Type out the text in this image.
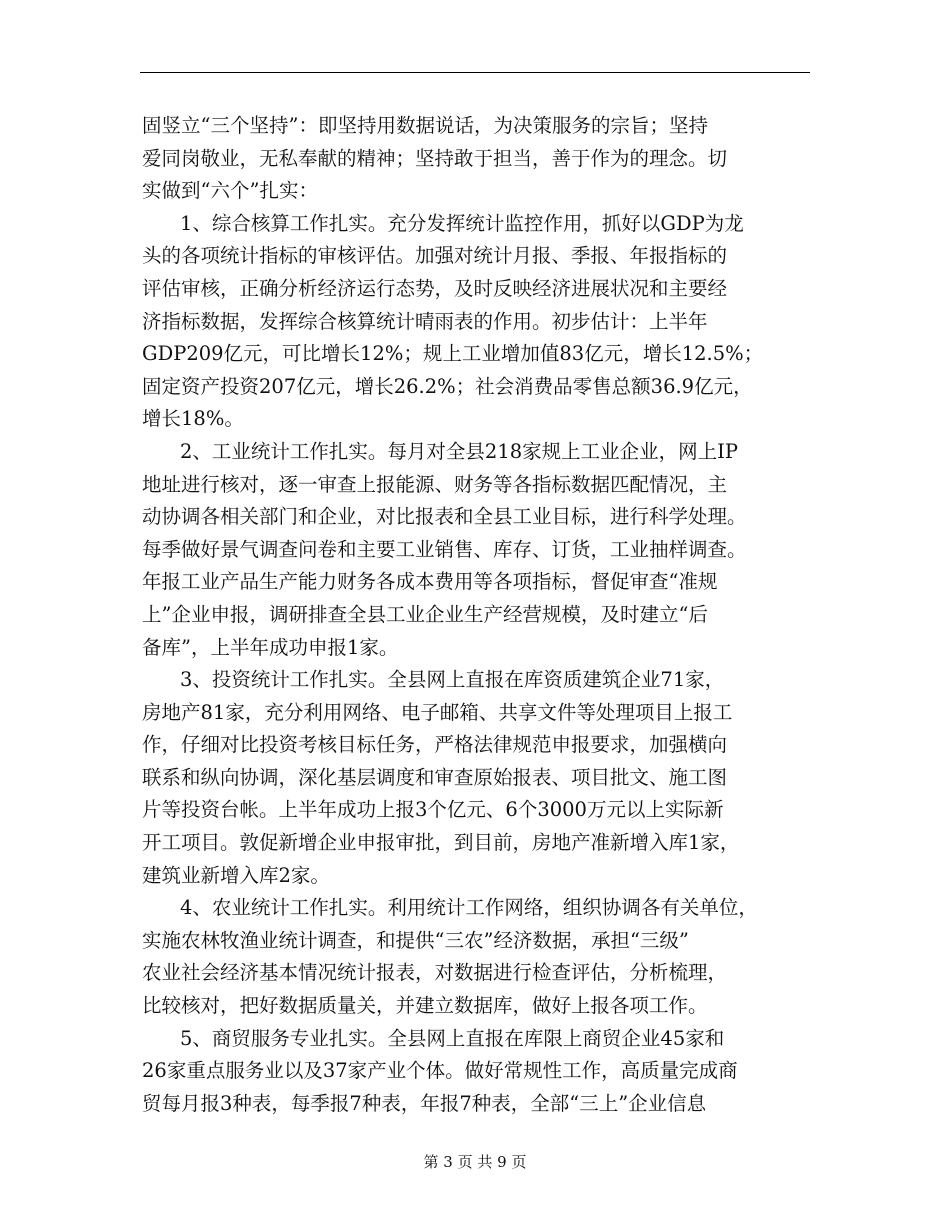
固竖立“三个坚持”：即坚持用数据说话，为决策服务的宗旨；坚持
爱同岗敬业，无私奉献的精神；坚持敢于担当，善于作为的理念。切
实做到“六个”扎实：
1、综合核算工作扎实。充分发挥统计监控作用，抓好以GDP为龙
头的各项统计指标的审核评估。加强对统计月报、季报、年报指标的
评估审核，正确分析经济运行态势，及时反映经济进展状况和主要经
济指标数据，发挥综合核算统计晴雨表的作用。初步估计：上半年
GDP209亿元，可比增长12%；规上工业增加值83亿元，增长12.5%；
固定资产投资207亿元，增长26.2%；社会消费品零售总额36.9亿元，
增长18%。
2、工业统计工作扎实。每月对全县218家规上工业企业，网上IP
地址进行核对，逐一审查上报能源、财务等各指标数据匹配情况，主
动协调各相关部门和企业，对比报表和全县工业目标，进行科学处理。
每季做好景气调查问卷和主要工业销售、库存、订货，工业抽样调查。
年报工业产品生产能力财务各成本费用等各项指标，督促审查“准规
上”企业申报，调研排查全县工业企业生产经营规模，及时建立“后
备库”，上半年成功申报1家。
3、投资统计工作扎实。全县网上直报在库资质建筑企业71家，
房地产81家，充分利用网络、电子邮箱、共享文件等处理项目上报工
作，仔细对比投资考核目标任务，严格法律规范申报要求，加强横向
联系和纵向协调，深化基层调度和审查原始报表、项目批文、施工图
片等投资台帐。上半年成功上报3个亿元、6个3000万元以上实际新
开工项目。敦促新增企业申报审批，到目前，房地产准新增入库1家，
建筑业新增入库2家。
4、农业统计工作扎实。利用统计工作网络，组织协调各有关单位，
实施农林牧渔业统计调查，和提供“三农”经济数据，承担“三级”
农业社会经济基本情况统计报表，对数据进行检查评估，分析梳理，
比较核对，把好数据质量关，并建立数据库，做好上报各项工作。
5、商贸服务专业扎实。全县网上直报在库限上商贸企业45家和
26家重点服务业以及37家产业个体。做好常规性工作，高质量完成商
贸每月报3种表，每季报7种表，年报7种表，全部“三上”企业信息
第 3 页 共 9 页
